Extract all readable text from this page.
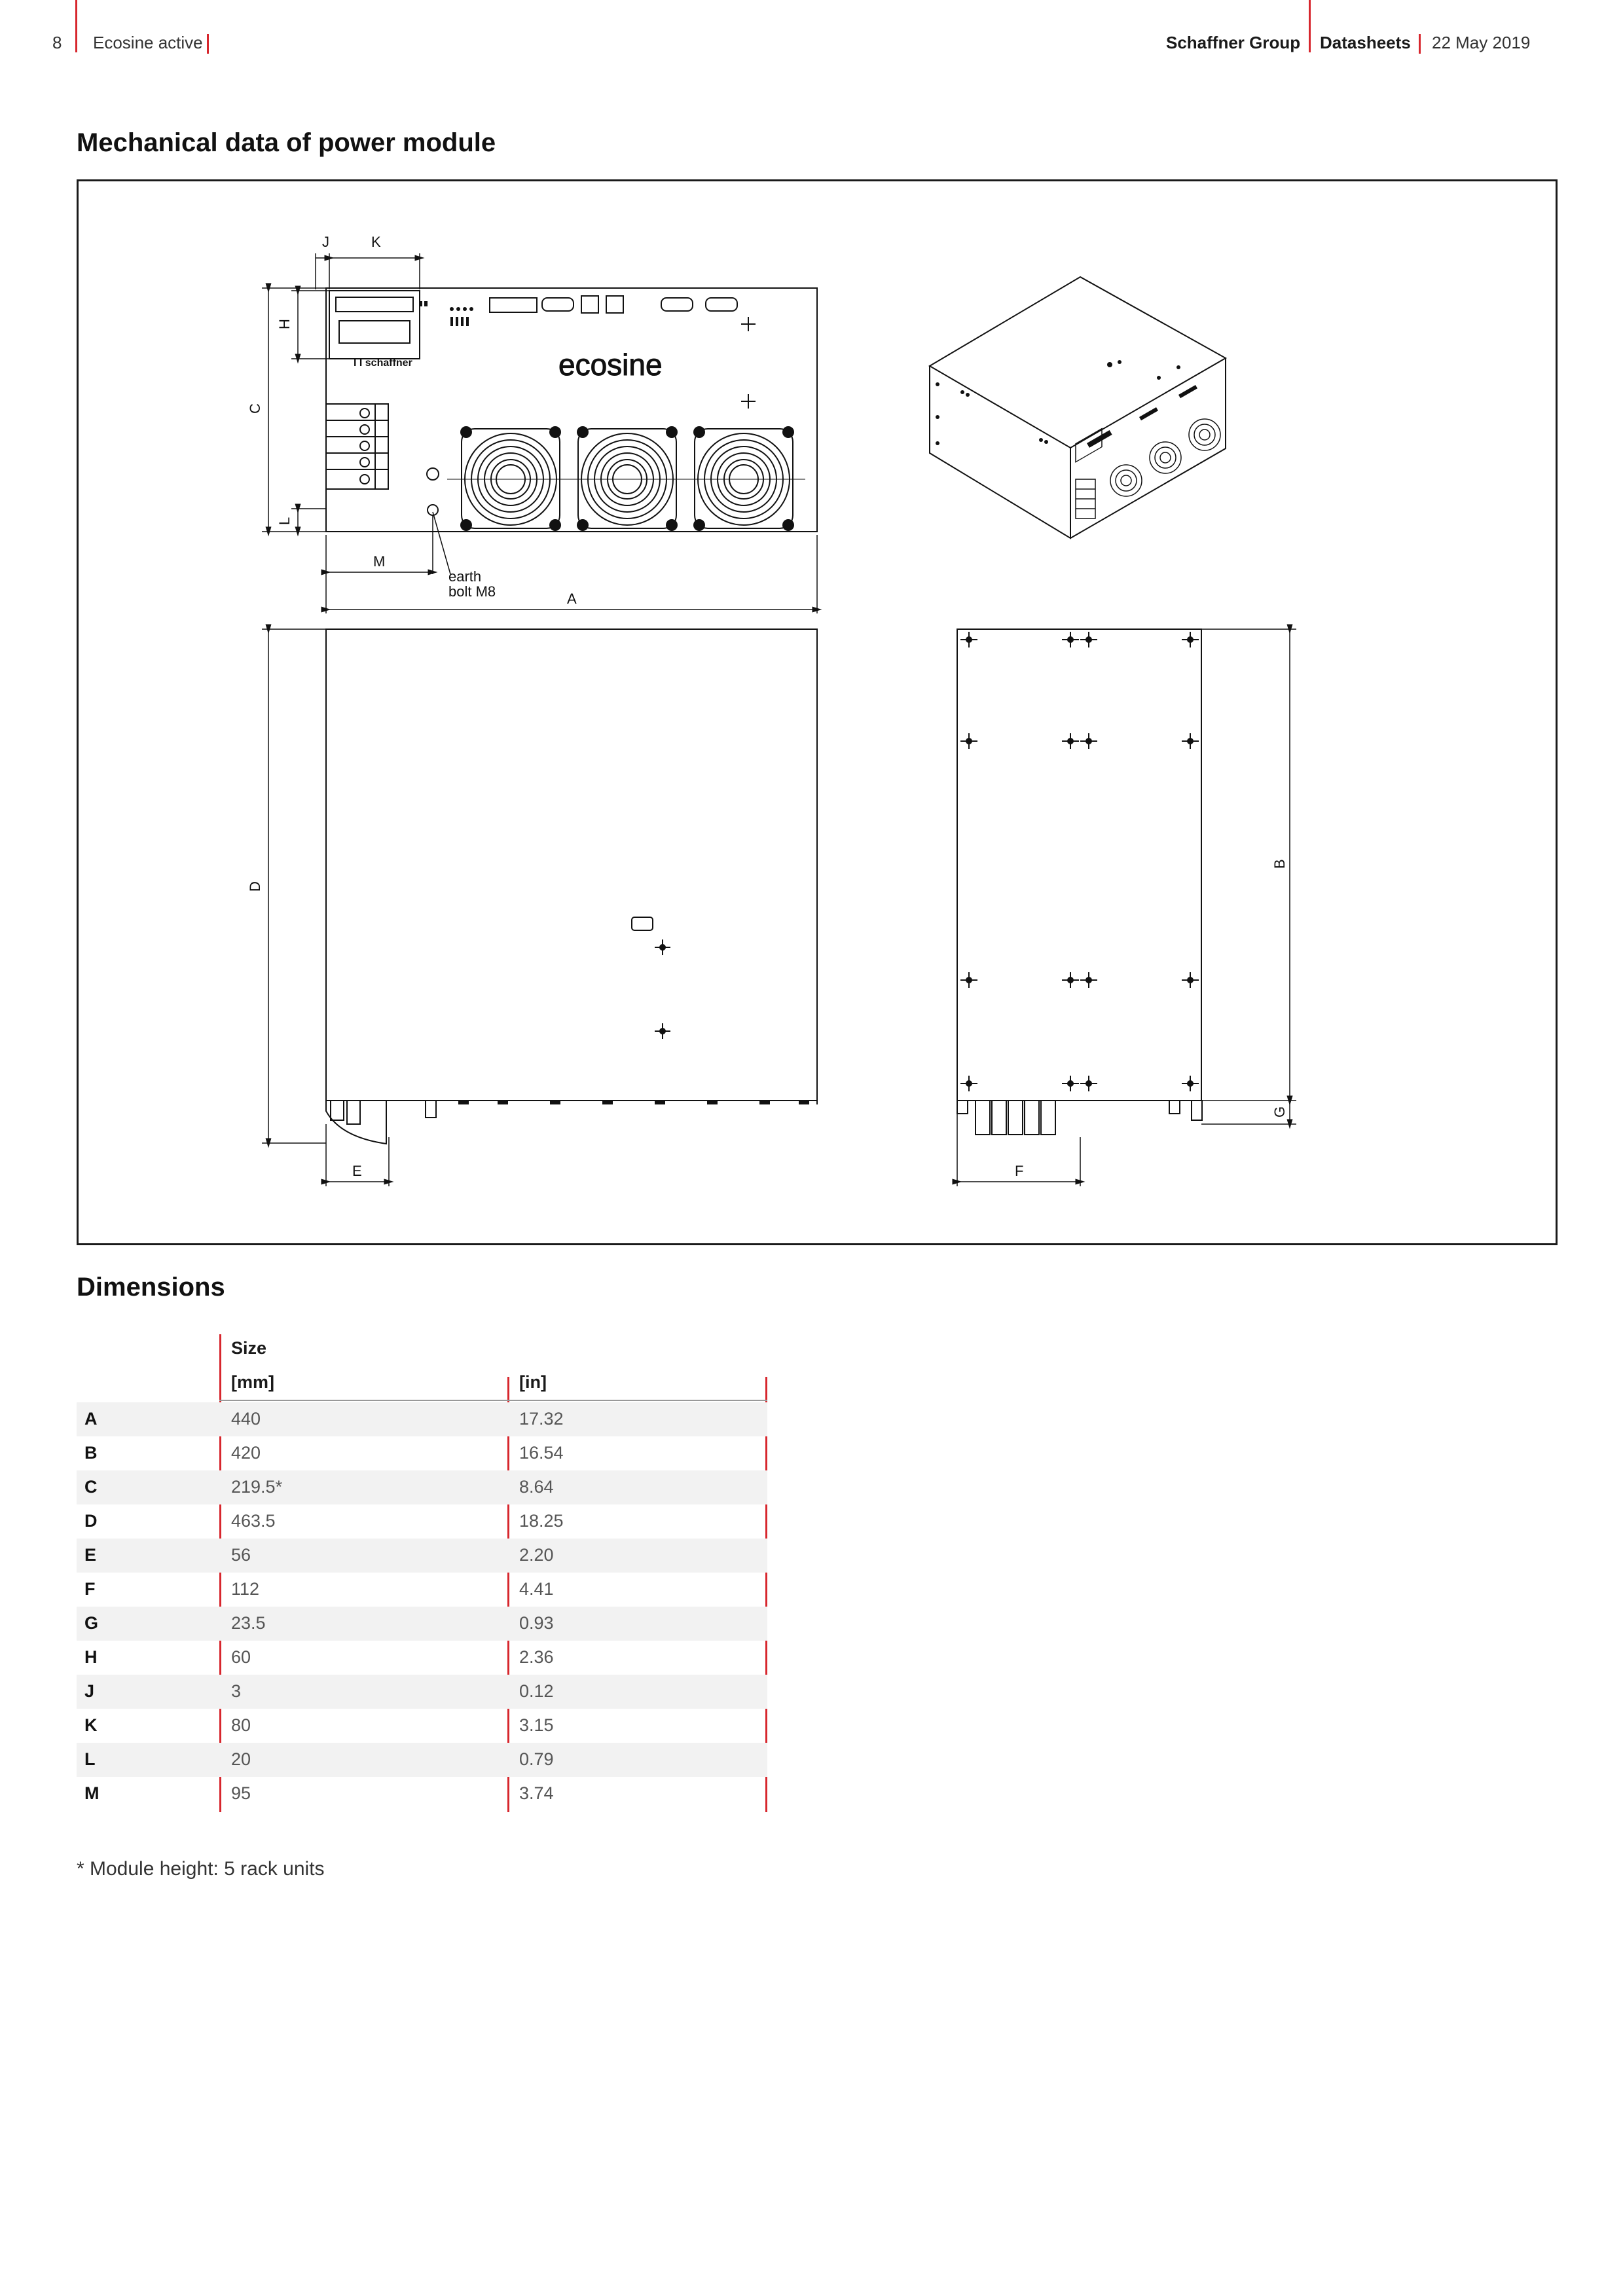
8 Ecosine active	Schaffner Group Datasheets 22 May 2019
Mechanical data of power module
ecosine
I I schaffner
J	K
H
C
L
M
earth
bolt M8	A
D
E
B
G
F
Dimensions
Size
[mm]	[in]
A	440	17.32
B	420	16.54
C	219.5*	8.64
D	463.5	18.25
E	56	2.20
F	112	4.41
G	23.5	0.93
H	60	2.36
J	3	0.12
K	80	3.15
L	20	0.79
M	95	3.74
* Module height: 5 rack units
